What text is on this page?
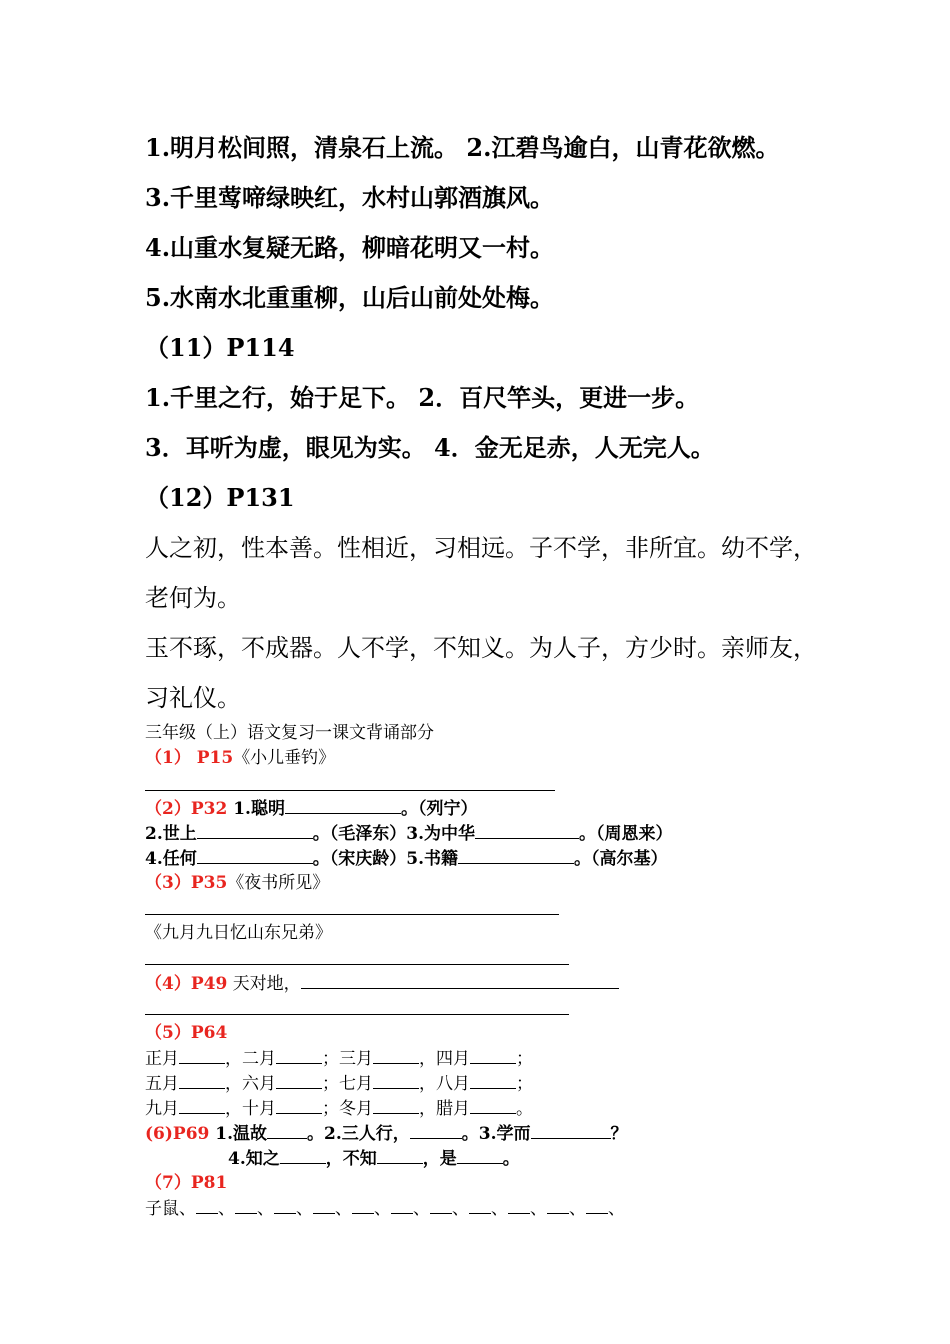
1.明月松间照，清泉石上流。 2.江碧鸟逾白，山青花欲燃。
3.千里莺啼绿映红，水村山郭酒旗风。
4.山重水复疑无路，柳暗花明又一村。
5.水南水北重重柳，山后山前处处梅。
（11）P114
1.千里之行，始于足下。 2．百尺竿头，更进一步。
3．耳听为虚，眼见为实。 4．金无足赤，人无完人。
（12）P131
人之初，性本善。性相近，习相远。子不学，非所宜。幼不学，
老何为。
玉不琢，不成器。人不学，不知义。为人子，方少时。亲师友，
习礼仪。
三年级（上）语文复习一课文背诵部分
（1） P15《小儿垂钓》
（2）P32 1.聪明	。（列宁）
2.世上	。（毛泽东）3.为中华	。（周恩来）
4.任何	。（宋庆龄）5.书籍	。（高尔基）
（3）P35《夜书所见》
《九月九日忆山东兄弟》
（4）P49 天对地，
（5）P64
正月	，二月	；三月	，四月	；
五月	，六月	；七月	，八月	；
九月	，十月	；冬月	，腊月	。
(6)P69 1.温故 。2.三人行，	。3.学而	？
4.知之	，不知	，是	。
（7）P81
子鼠、 、 、 、 、 、 、 、 、 、 、 、
